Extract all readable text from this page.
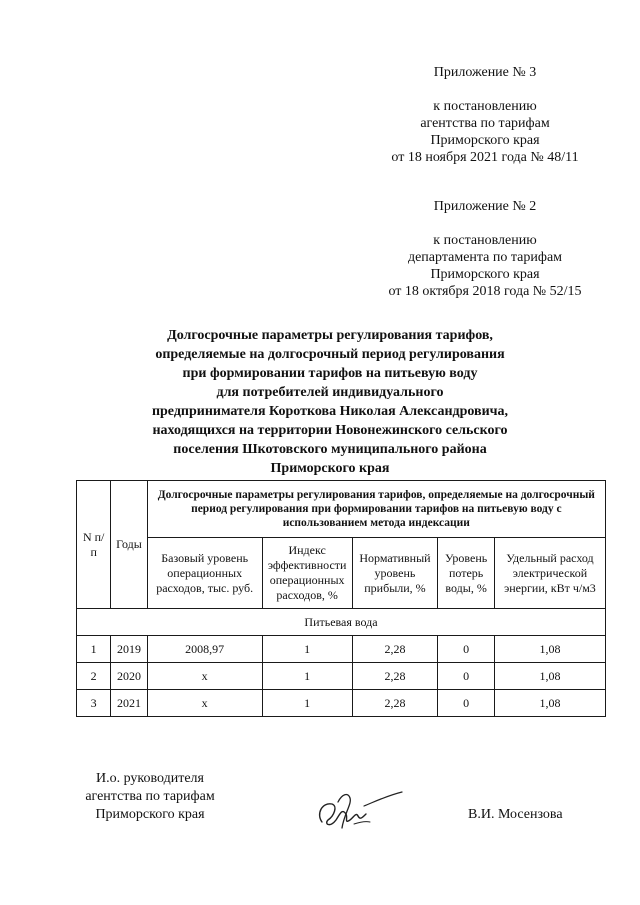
Приложение № 3
к постановлению
агентства по тарифам
Приморского края
от 18 ноября 2021 года № 48/11
Приложение № 2
к постановлению
департамента по тарифам
Приморского края
от 18 октября 2018 года № 52/15
Долгосрочные параметры регулирования тарифов,
определяемые на долгосрочный период регулирования
при формировании тарифов на питьевую воду
для потребителей индивидуального
предпринимателя Короткова Николая Александровича,
находящихся на территории Новонежинского сельского
поселения Шкотовского муниципального района
Приморского края
N п/п	Годы	Долгосрочные параметры регулирования тарифов, определяемые на долгосрочный период регулирования при формировании тарифов на питьевую воду с использованием метода индексации				
		Базовый уровень операционных расходов, тыс. руб.	Индекс эффективности операционных расходов, %	Нормативный уровень прибыли, %	Уровень потерь воды, %	Удельный расход электрической энергии, кВт ч/м3
Питьевая вода						
1	2019	2008,97	1	2,28	0	1,08
2	2020	х	1	2,28	0	1,08
3	2021	х	1	2,28	0	1,08
И.о. руководителя
агентства по тарифам
Приморского края	В.И. Мосензова
